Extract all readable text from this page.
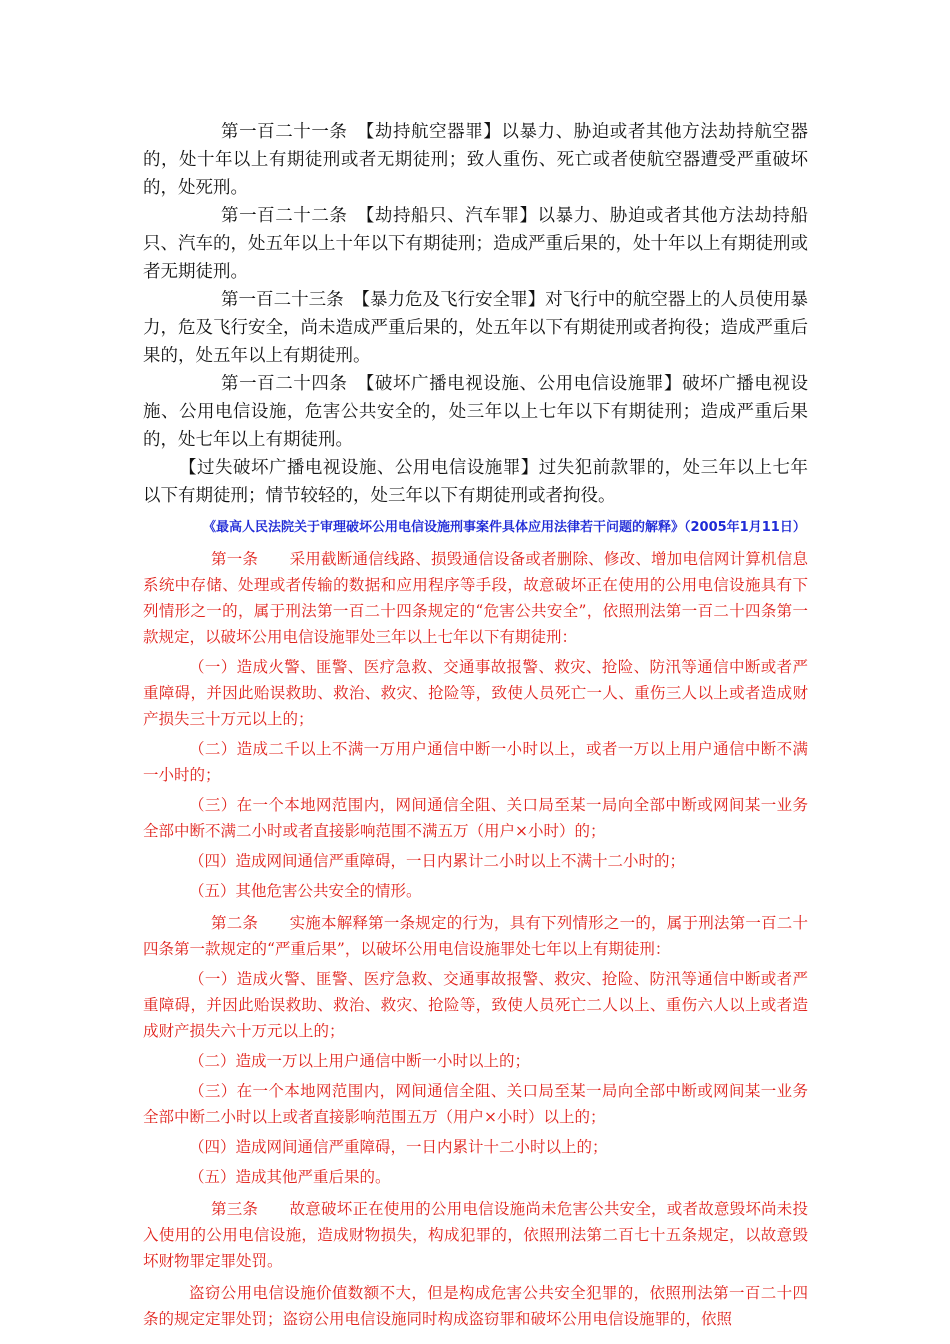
第一百二十一条　【劫持航空器罪】以暴力、胁迫或者其他方法劫持航空器的，处十年以上有期徒刑或者无期徒刑；致人重伤、死亡或者使航空器遭受严重破坏的，处死刑。

第一百二十二条　【劫持船只、汽车罪】以暴力、胁迫或者其他方法劫持船只、汽车的，处五年以上十年以下有期徒刑；造成严重后果的，处十年以上有期徒刑或者无期徒刑。

第一百二十三条　【暴力危及飞行安全罪】对飞行中的航空器上的人员使用暴力，危及飞行安全，尚未造成严重后果的，处五年以下有期徒刑或者拘役；造成严重后果的，处五年以上有期徒刑。

第一百二十四条　【破坏广播电视设施、公用电信设施罪】破坏广播电视设施、公用电信设施，危害公共安全的，处三年以上七年以下有期徒刑；造成严重后果的，处七年以上有期徒刑。

【过失破坏广播电视设施、公用电信设施罪】过失犯前款罪的，处三年以上七年以下有期徒刑；情节较轻的，处三年以下有期徒刑或者拘役。

《最高人民法院关于审理破坏公用电信设施刑事案件具体应用法律若干问题的解释》（2005年1月11日）

第一条　　采用截断通信线路、损毁通信设备或者删除、修改、增加电信网计算机信息系统中存储、处理或者传输的数据和应用程序等手段，故意破坏正在使用的公用电信设施具有下列情形之一的，属于刑法第一百二十四条规定的“危害公共安全”，依照刑法第一百二十四条第一款规定，以破坏公用电信设施罪处三年以上七年以下有期徒刑：

（一）造成火警、匪警、医疗急救、交通事故报警、救灾、抢险、防汛等通信中断或者严重障碍，并因此贻误救助、救治、救灾、抢险等，致使人员死亡一人、重伤三人以上或者造成财产损失三十万元以上的；

（二）造成二千以上不满一万用户通信中断一小时以上，或者一万以上用户通信中断不满一小时的；

（三）在一个本地网范围内，网间通信全阻、关口局至某一局向全部中断或网间某一业务全部中断不满二小时或者直接影响范围不满五万（用户×小时）的；

（四）造成网间通信严重障碍，一日内累计二小时以上不满十二小时的；

（五）其他危害公共安全的情形。

第二条　　实施本解释第一条规定的行为，具有下列情形之一的，属于刑法第一百二十四条第一款规定的“严重后果”，以破坏公用电信设施罪处七年以上有期徒刑：

（一）造成火警、匪警、医疗急救、交通事故报警、救灾、抢险、防汛等通信中断或者严重障碍，并因此贻误救助、救治、救灾、抢险等，致使人员死亡二人以上、重伤六人以上或者造成财产损失六十万元以上的；

（二）造成一万以上用户通信中断一小时以上的；

（三）在一个本地网范围内，网间通信全阻、关口局至某一局向全部中断或网间某一业务全部中断二小时以上或者直接影响范围五万（用户×小时）以上的；

（四）造成网间通信严重障碍，一日内累计十二小时以上的；

（五）造成其他严重后果的。

第三条　　故意破坏正在使用的公用电信设施尚未危害公共安全，或者故意毁坏尚未投入使用的公用电信设施，造成财物损失，构成犯罪的，依照刑法第二百七十五条规定，以故意毁坏财物罪定罪处罚。

盗窃公用电信设施价值数额不大，但是构成危害公共安全犯罪的，依照刑法第一百二十四条的规定定罪处罚；盗窃公用电信设施同时构成盗窃罪和破坏公用电信设施罪的，依照
